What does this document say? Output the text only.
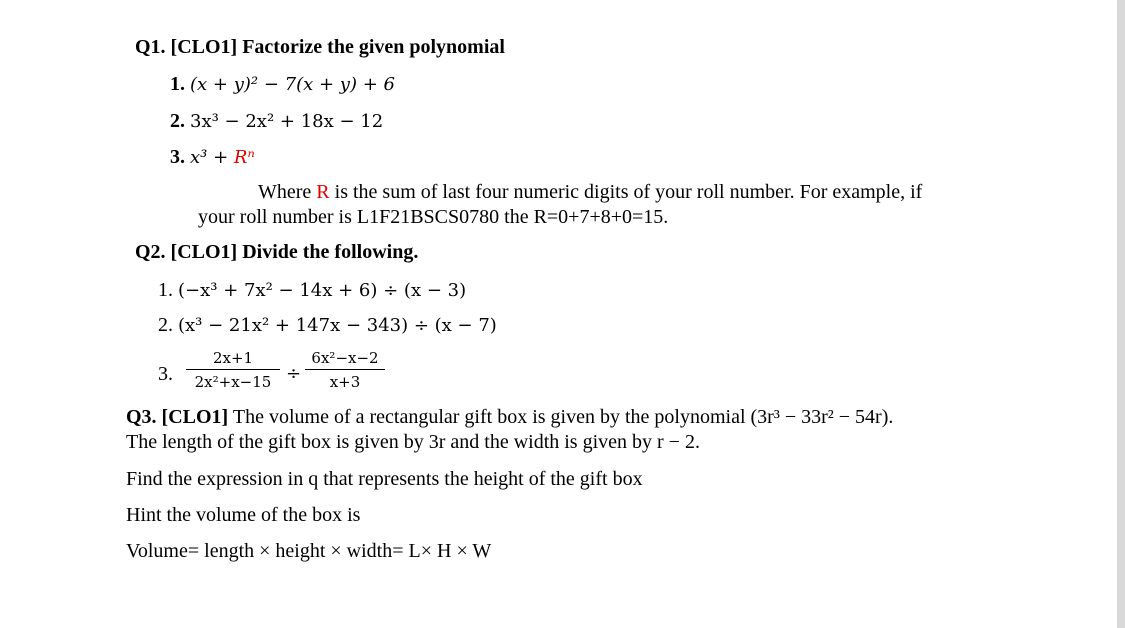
Q1. [CLO1] Factorize the given polynomial
1. (x + y)² − 7(x + y) + 6
2. 3x³ − 2x² + 18x − 12
3. x³ + Rⁿ
Where R is the sum of last four numeric digits of your roll number. For example, if
your roll number is L1F21BSCS0780 the R=0+7+8+0=15.
Q2. [CLO1] Divide the following.
1. (−x³ + 7x² − 14x + 6) ÷ (x − 3)
2. (x³ − 21x² + 147x − 343) ÷ (x − 7)
3.
2x+1
2x²+x−15 ÷
6x²−x−2
x+3
Q3. [CLO1] The volume of a rectangular gift box is given by the polynomial (3r³ − 33r² − 54r).
The length of the gift box is given by 3r and the width is given by r − 2.
Find the expression in q that represents the height of the gift box
Hint the volume of the box is
Volume= length × height × width= L× H × W
